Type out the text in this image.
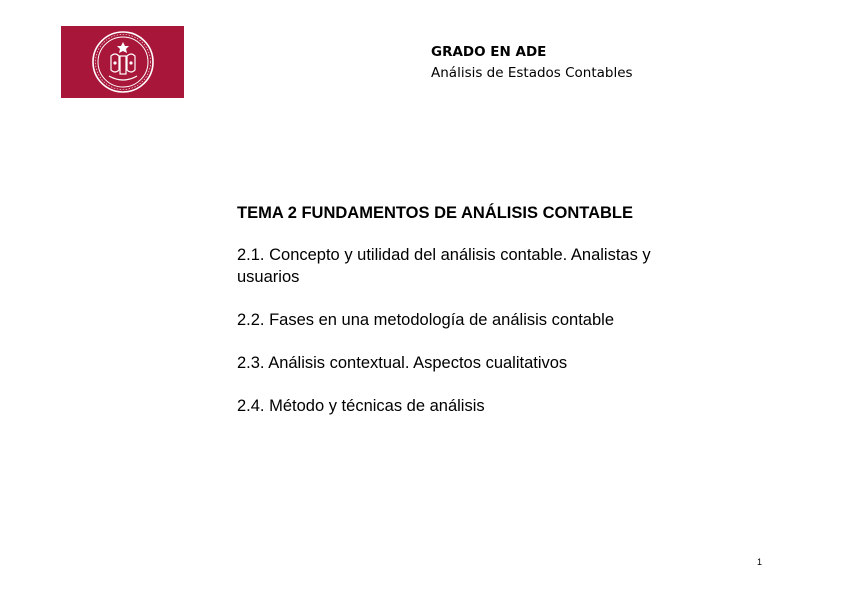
GRADO EN ADE
Análisis de Estados Contables
TEMA 2 FUNDAMENTOS DE ANÁLISIS CONTABLE
2.1. Concepto y utilidad del análisis contable. Analistas y usuarios
2.2. Fases en una metodología de análisis contable
2.3. Análisis contextual. Aspectos cualitativos
2.4. Método y técnicas de análisis
1
